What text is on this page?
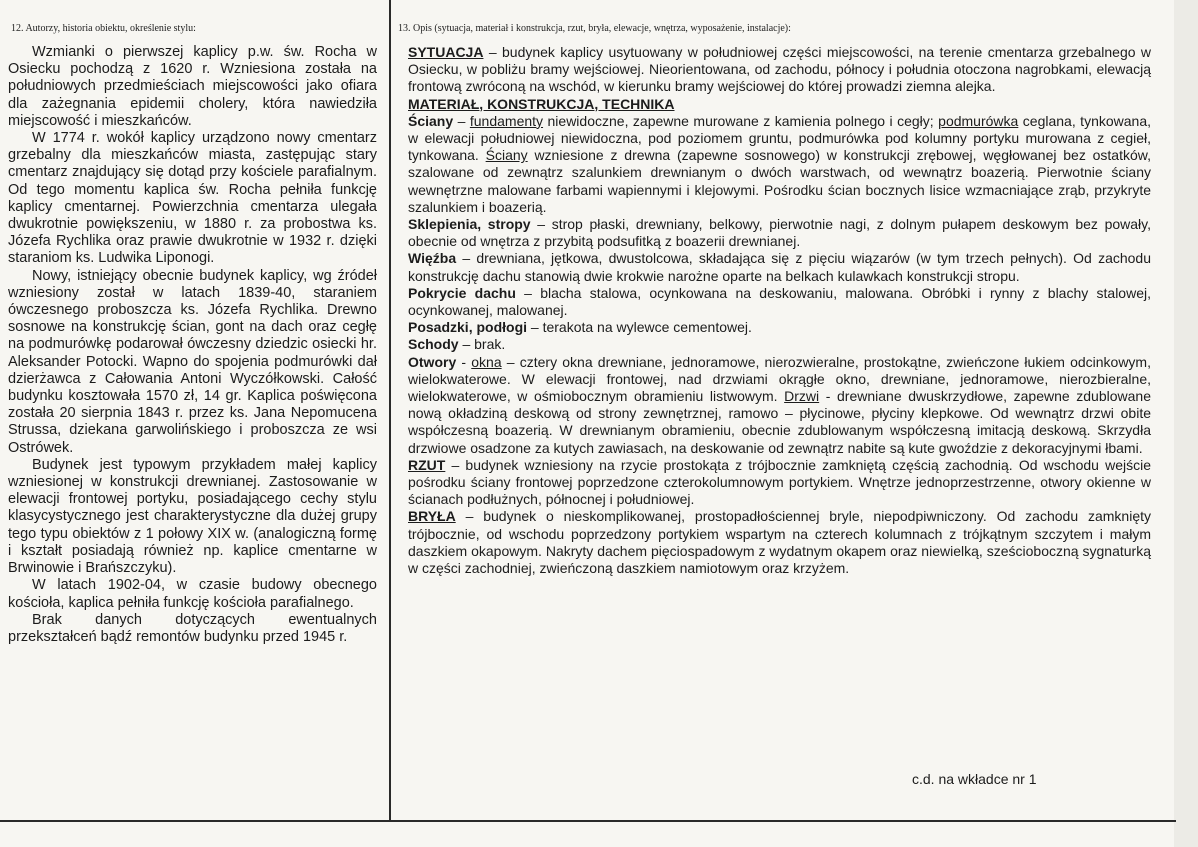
12. Autorzy, historia obiektu, określenie stylu:	13. Opis (sytuacja, materiał i konstrukcja, rzut, bryła, elewacje, wnętrza, wyposażenie, instalacje):

Wzmianki o pierwszej kaplicy p.w. św. Rocha w Osiecku pochodzą z 1620 r. Wzniesiona została na południowych przedmieściach miejscowości jako ofiara dla zażegnania epidemii cholery, która nawiedziła miejscowość i mieszkańców.

W 1774 r. wokół kaplicy urządzono nowy cmentarz grzebalny dla mieszkańców miasta, zastępując stary cmentarz znajdujący się dotąd przy kościele parafialnym. Od tego momentu kaplica św. Rocha pełniła funkcję kaplicy cmentarnej. Powierzchnia cmentarza ulegała dwukrotnie powiększeniu, w 1880 r. za probostwa ks. Józefa Rychlika oraz prawie dwukrotnie w 1932 r. dzięki staraniom ks. Ludwika Liponogi.

Nowy, istniejący obecnie budynek kaplicy, wg źródeł wzniesiony został w latach 1839-40, staraniem ówczesnego proboszcza ks. Józefa Rychlika. Drewno sosnowe na konstrukcję ścian, gont na dach oraz cegłę na podmurówkę podarował ówczesny dziedzic osiecki hr. Aleksander Potocki. Wapno do spojenia podmurówki dał dzierżawca z Całowania Antoni Wyczółkowski. Całość budynku kosztowała 1570 zł, 14 gr. Kaplica poświęcona została 20 sierpnia 1843 r. przez ks. Jana Nepomucena Strussa, dziekana garwolińskiego i proboszcza ze wsi Ostrówek.

Budynek jest typowym przykładem małej kaplicy wzniesionej w konstrukcji drewnianej. Zastosowanie w elewacji frontowej portyku, posiadającego cechy stylu klasycystycznego jest charakterystyczne dla dużej grupy tego typu obiektów z 1 połowy XIX w. (analogiczną formę i kształt posiadają również np. kaplice cmentarne w Brwinowie i Brańszczyku).

W latach 1902-04, w czasie budowy obecnego kościoła, kaplica pełniła funkcję kościoła parafialnego.

Brak danych dotyczących ewentualnych przekształceń bądź remontów budynku przed 1945 r.

SYTUACJA – budynek kaplicy usytuowany w południowej części miejscowości, na terenie cmentarza grzebalnego w Osiecku, w pobliżu bramy wejściowej. Nieorientowana, od zachodu, północy i południa otoczona nagrobkami, elewacją frontową zwróconą na wschód, w kierunku bramy wejściowej do której prowadzi ziemna alejka.

MATERIAŁ, KONSTRUKCJA, TECHNIKA

Ściany – fundamenty niewidoczne, zapewne murowane z kamienia polnego i cegły; podmurówka ceglana, tynkowana, w elewacji południowej niewidoczna, pod poziomem gruntu, podmurówka pod kolumny portyku murowana z cegieł, tynkowana. Ściany wzniesione z drewna (zapewne sosnowego) w konstrukcji zrębowej, węgłowanej bez ostatków, szalowane od zewnątrz szalunkiem drewnianym o dwóch warstwach, od wewnątrz boazerią. Pierwotnie ściany wewnętrzne malowane farbami wapiennymi i klejowymi. Pośrodku ścian bocznych lisice wzmacniające zrąb, przykryte szalunkiem i boazerią.

Sklepienia, stropy – strop płaski, drewniany, belkowy, pierwotnie nagi, z dolnym pułapem deskowym bez powały, obecnie od wnętrza z przybitą podsufitką z boazerii drewnianej.

Więźba – drewniana, jętkowa, dwustolcowa, składająca się z pięciu wiązarów (w tym trzech pełnych). Od zachodu konstrukcję dachu stanowią dwie krokwie narożne oparte na belkach kulawkach konstrukcji stropu.

Pokrycie dachu – blacha stalowa, ocynkowana na deskowaniu, malowana. Obróbki i rynny z blachy stalowej, ocynkowanej, malowanej.

Posadzki, podłogi – terakota na wylewce cementowej.

Schody – brak.

Otwory - okna – cztery okna drewniane, jednoramowe, nierozwieralne, prostokątne, zwieńczone łukiem odcinkowym, wielokwaterowe. W elewacji frontowej, nad drzwiami okrągłe okno, drewniane, jednoramowe, nierozbieralne, wielokwaterowe, w ośmiobocznym obramieniu listwowym. Drzwi - drewniane dwuskrzydłowe, zapewne zdublowane nową okładziną deskową od strony zewnętrznej, ramowo – płycinowe, płyciny klepkowe. Od wewnątrz drzwi obite współczesną boazerią. W drewnianym obramieniu, obecnie zdublowanym współczesną imitacją deskową. Skrzydła drzwiowe osadzone za kutych zawiasach, na deskowanie od zewnątrz nabite są kute gwoździe z dekoracyjnymi łbami.

RZUT – budynek wzniesiony na rzycie prostokąta z trójbocznie zamkniętą częścią zachodnią. Od wschodu wejście pośrodku ściany frontowej poprzedzone czterokolumnowym portykiem. Wnętrze jednoprzestrzenne, otwory okienne w ścianach podłużnych, północnej i południowej.

BRYŁA – budynek o nieskomplikowanej, prostopadłościennej bryle, niepodpiwniczony. Od zachodu zamknięty trójbocznie, od wschodu poprzedzony portykiem wspartym na czterech kolumnach z trójkątnym szczytem i małym daszkiem okapowym. Nakryty dachem pięciospadowym z wydatnym okapem oraz niewielką, sześcioboczną sygnaturką w części zachodniej, zwieńczoną daszkiem namiotowym oraz krzyżem.

c.d. na wkładce nr 1
